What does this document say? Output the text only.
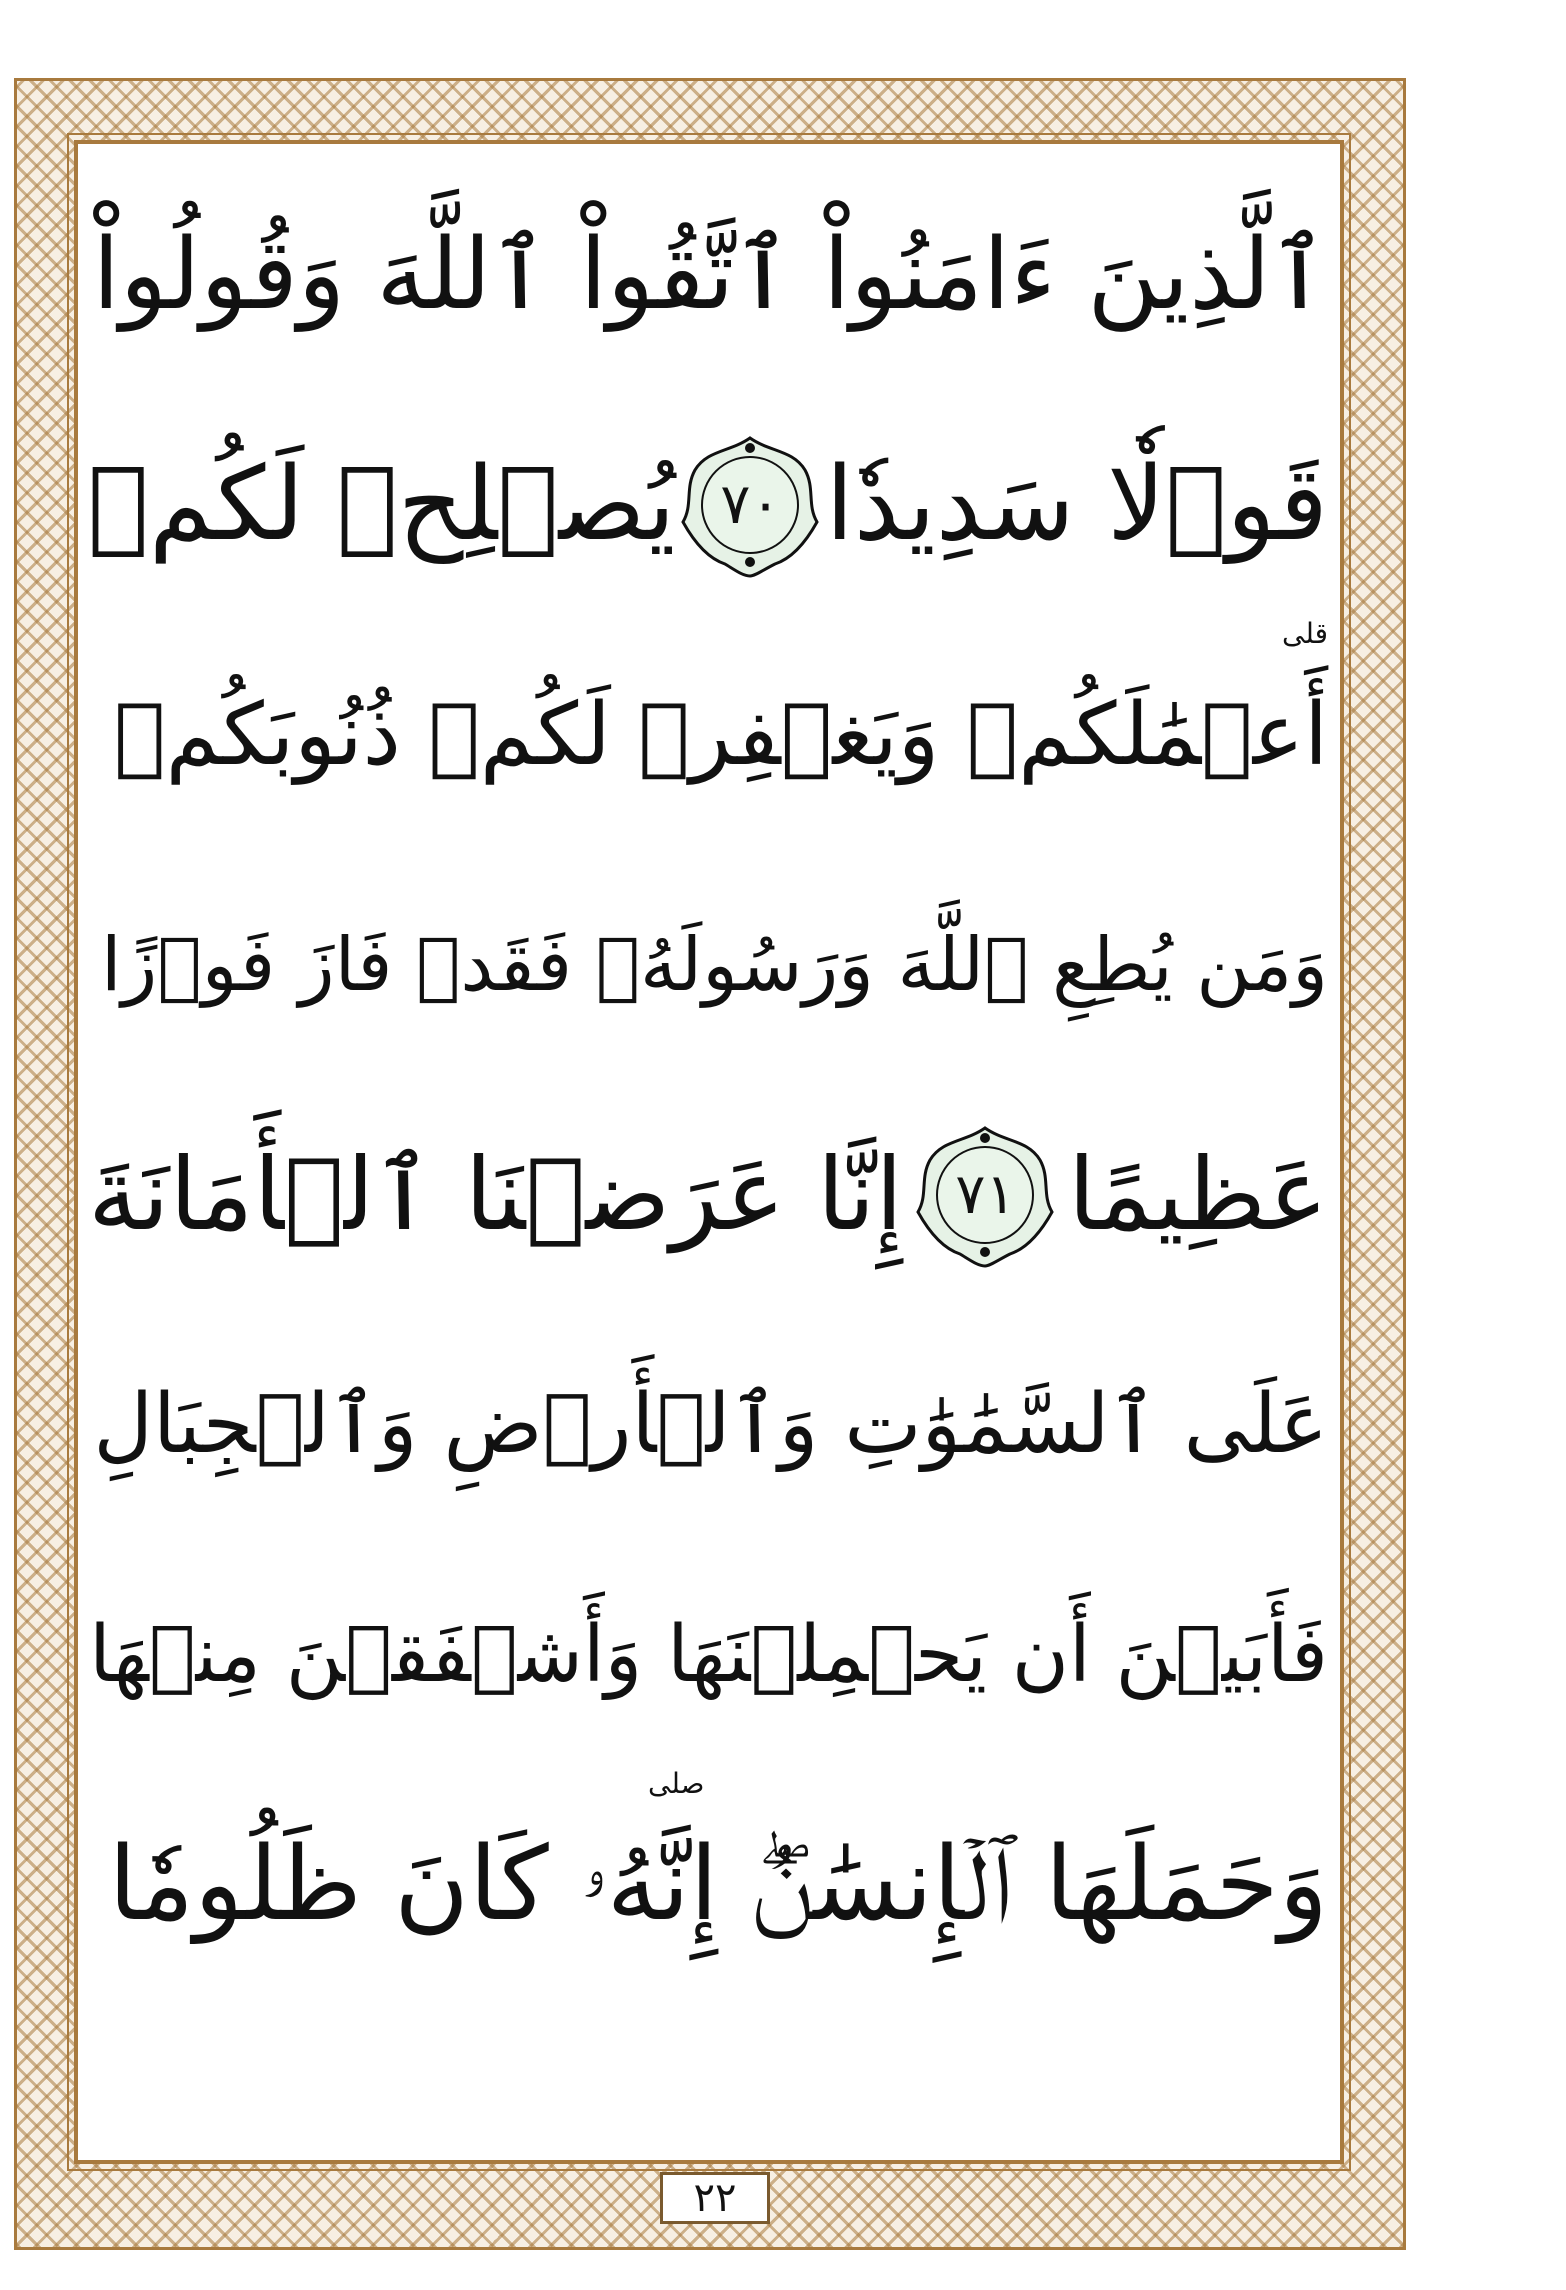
ٱلَّذِينَ ءَامَنُواْ ٱتَّقُواْ ٱللَّهَ وَقُولُواْ
قَوۡلٗا سَدِيدٗا
٧٠
يُصۡلِحۡ لَكُمۡ
أَعۡمَٰلَكُمۡ وَيَغۡفِرۡ لَكُمۡ ذُنُوبَكُمۡ
قلى
وَمَن يُطِعِ ٱللَّهَ وَرَسُولَهُۥ فَقَدۡ فَازَ فَوۡزًا
عَظِيمًا
٧١
إِنَّا عَرَضۡنَا ٱلۡأَمَانَةَ
عَلَى ٱلسَّمَٰوَٰتِ وَٱلۡأَرۡضِ وَٱلۡجِبَالِ
فَأَبَيۡنَ أَن يَحۡمِلۡنَهَا وَأَشۡفَقۡنَ مِنۡهَا
وَحَمَلَهَا ٱلۡإِنسَٰنُۖ إِنَّهُۥ كَانَ ظَلُومٗا
صلى
٢٢
